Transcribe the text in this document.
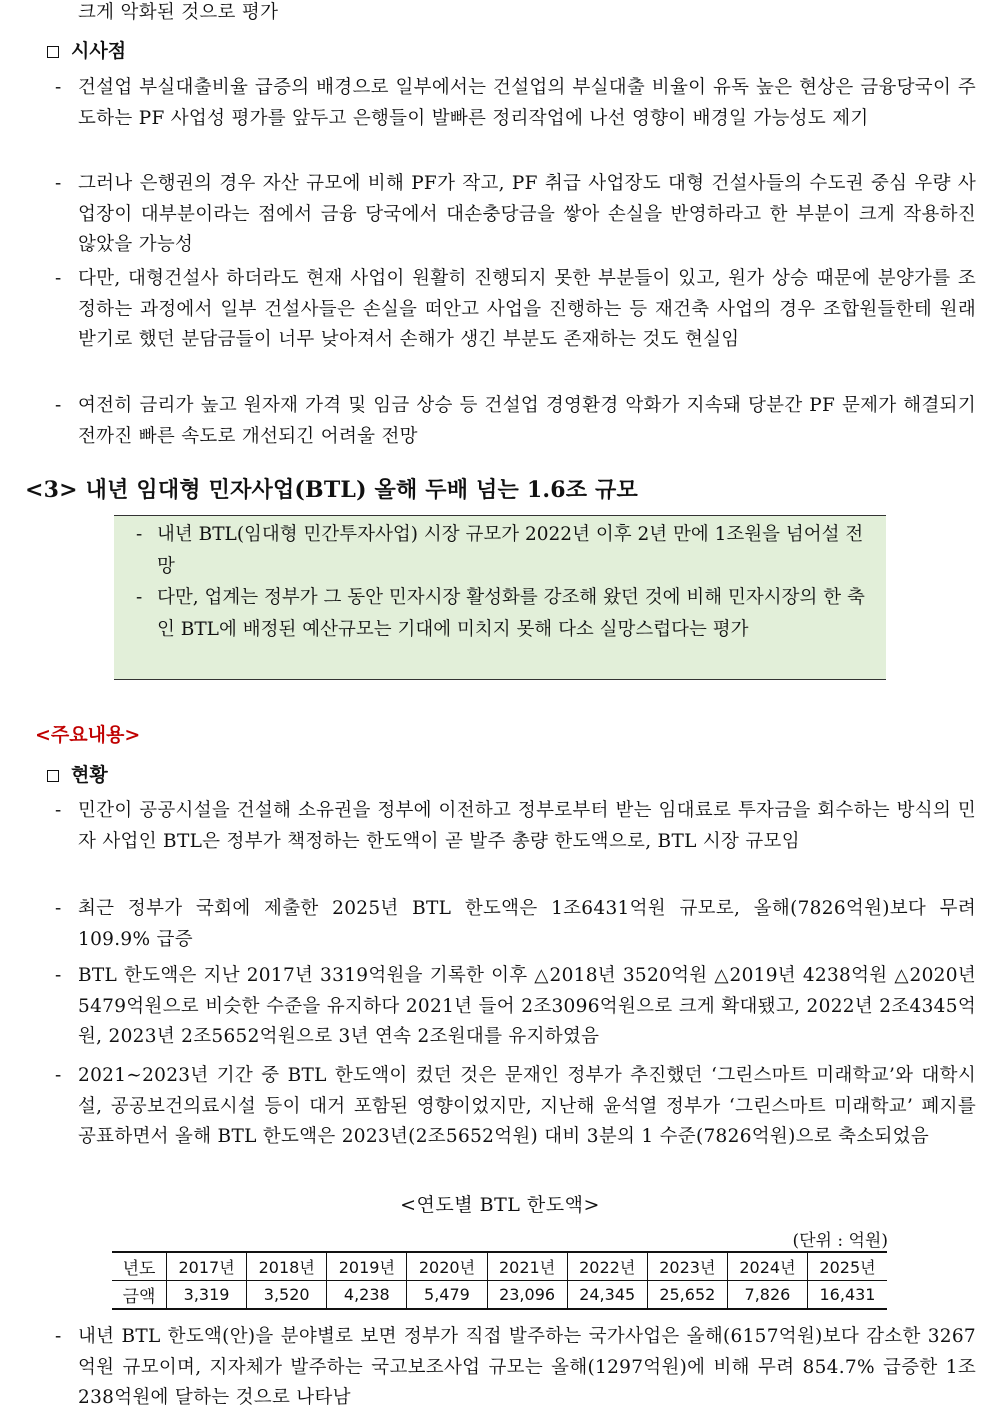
크게 악화된 것으로 평가
시사점
- 건설업 부실대출비율 급증의 배경으로 일부에서는 건설업의 부실대출 비율이 유독 높은 현상은 금융당국이 주도하는 PF 사업성 평가를 앞두고 은행들이 발빠른 정리작업에 나선 영향이 배경일 가능성도 제기
- 그러나 은행권의 경우 자산 규모에 비해 PF가 작고, PF 취급 사업장도 대형 건설사들의 수도권 중심 우량 사업장이 대부분이라는 점에서 금융 당국에서 대손충당금을 쌓아 손실을 반영하라고 한 부분이 크게 작용하진 않았을 가능성
- 다만, 대형건설사 하더라도 현재 사업이 원활히 진행되지 못한 부분들이 있고, 원가 상승 때문에 분양가를 조정하는 과정에서 일부 건설사들은 손실을 떠안고 사업을 진행하는 등 재건축 사업의 경우 조합원들한테 원래 받기로 했던 분담금들이 너무 낮아져서 손해가 생긴 부분도 존재하는 것도 현실임
- 여전히 금리가 높고 원자재 가격 및 임금 상승 등 건설업 경영환경 악화가 지속돼 당분간 PF 문제가 해결되기 전까진 빠른 속도로 개선되긴 어려울 전망
<3> 내년 임대형 민자사업(BTL) 올해 두배 넘는 1.6조 규모
- 내년 BTL(임대형 민간투자사업) 시장 규모가 2022년 이후 2년 만에 1조원을 넘어설 전망
- 다만, 업계는 정부가 그 동안 민자시장 활성화를 강조해 왔던 것에 비해 민자시장의 한 축인 BTL에 배정된 예산규모는 기대에 미치지 못해 다소 실망스럽다는 평가
<주요내용>
현황
- 민간이 공공시설을 건설해 소유권을 정부에 이전하고 정부로부터 받는 임대료로 투자금을 회수하는 방식의 민자 사업인 BTL은 정부가 책정하는 한도액이 곧 발주 총량 한도액으로, BTL 시장 규모임
- 최근 정부가 국회에 제출한 2025년 BTL 한도액은 1조6431억원 규모로, 올해(7826억원)보다 무려 109.9% 급증
- BTL 한도액은 지난 2017년 3319억원을 기록한 이후 △2018년 3520억원 △2019년 4238억원 △2020년 5479억원으로 비슷한 수준을 유지하다 2021년 들어 2조3096억원으로 크게 확대됐고, 2022년 2조4345억원, 2023년 2조5652억원으로 3년 연속 2조원대를 유지하였음
- 2021∼2023년 기간 중 BTL 한도액이 컸던 것은 문재인 정부가 추진했던 ‘그린스마트 미래학교’와 대학시설, 공공보건의료시설 등이 대거 포함된 영향이었지만, 지난해 윤석열 정부가 ‘그린스마트 미래학교’ 폐지를 공표하면서 올해 BTL 한도액은 2023년(2조5652억원) 대비 3분의 1 수준(7826억원)으로 축소되었음
<연도별 BTL 한도액>
(단위 : 억원)
년도	2017년	2018년	2019년	2020년	2021년	2022년	2023년	2024년	2025년
금액	3,319	3,520	4,238	5,479	23,096	24,345	25,652	7,826	16,431
- 내년 BTL 한도액(안)을 분야별로 보면 정부가 직접 발주하는 국가사업은 올해(6157억원)보다 감소한 3267억원 규모이며, 지자체가 발주하는 국고보조사업 규모는 올해(1297억원)에 비해 무려 854.7% 급증한 1조238억원에 달하는 것으로 나타남
